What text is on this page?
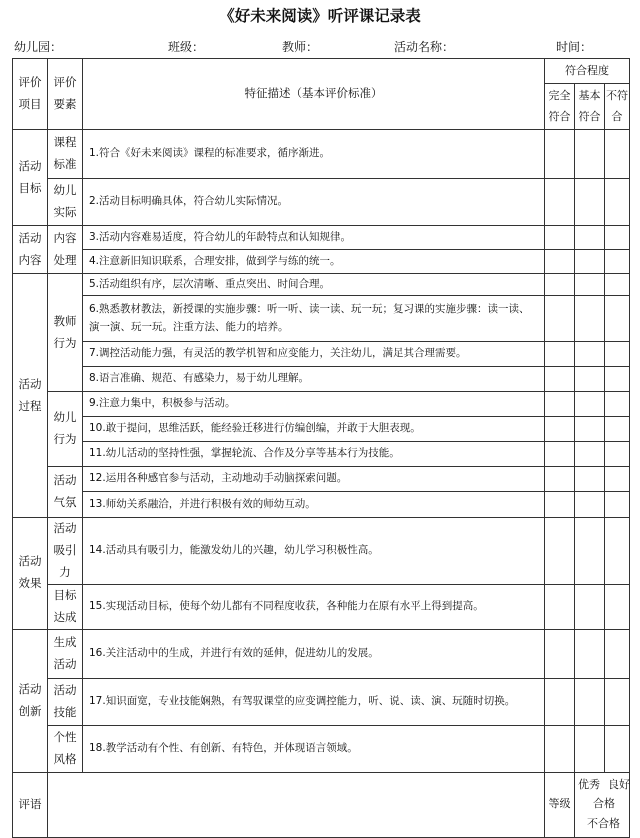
《好未来阅读》听评课记录表
幼儿园：	班级：	教师：	活动名称：	时间：
评价项目	评价要素	特征描述（基本评价标准）	符合程度		
			完全符合	基本符合	不符合
活动目标	课程标准	1.符合《好未来阅读》课程的标准要求，循序渐进。			
	幼儿实际	2.活动目标明确具体，符合幼儿实际情况。			
活动内容	内容处理	3.活动内容难易适度，符合幼儿的年龄特点和认知规律。			
		4.注意新旧知识联系，合理安排，做到学与练的统一。			
活动过程	教师行为	5.活动组织有序，层次清晰、重点突出、时间合理。			
		6.熟悉教材教法，新授课的实施步骤：听一听、读一读、玩一玩；复习课的实施步骤：读一读、演一演、玩一玩。注重方法、能力的培养。			
		7.调控活动能力强，有灵活的教学机智和应变能力，关注幼儿，满足其合理需要。			
		8.语言准确、规范、有感染力，易于幼儿理解。			
	幼儿行为	9.注意力集中，积极参与活动。			
		10.敢于提问，思维活跃，能经验迁移进行仿编创编，并敢于大胆表现。			
		11.幼儿活动的坚持性强，掌握轮流、合作及分享等基本行为技能。			
	活动气氛	12.运用各种感官参与活动，主动地动手动脑探索问题。			
		13.师幼关系融洽，并进行积极有效的师幼互动。			
活动效果	活动吸引力	14.活动具有吸引力，能激发幼儿的兴趣，幼儿学习积极性高。			
	目标达成	15.实现活动目标，使每个幼儿都有不同程度收获，各种能力在原有水平上得到提高。			
活动创新	生成活动	16.关注活动中的生成，并进行有效的延伸，促进幼儿的发展。			
	活动技能	17.知识面宽，专业技能娴熟，有驾驭课堂的应变调控能力，听、说、读、演、玩随时切换。			
	个性风格	18.教学活动有个性、有创新、有特色，并体现语言领域。			
评语			等级	优秀 良好
合格
不合格	
